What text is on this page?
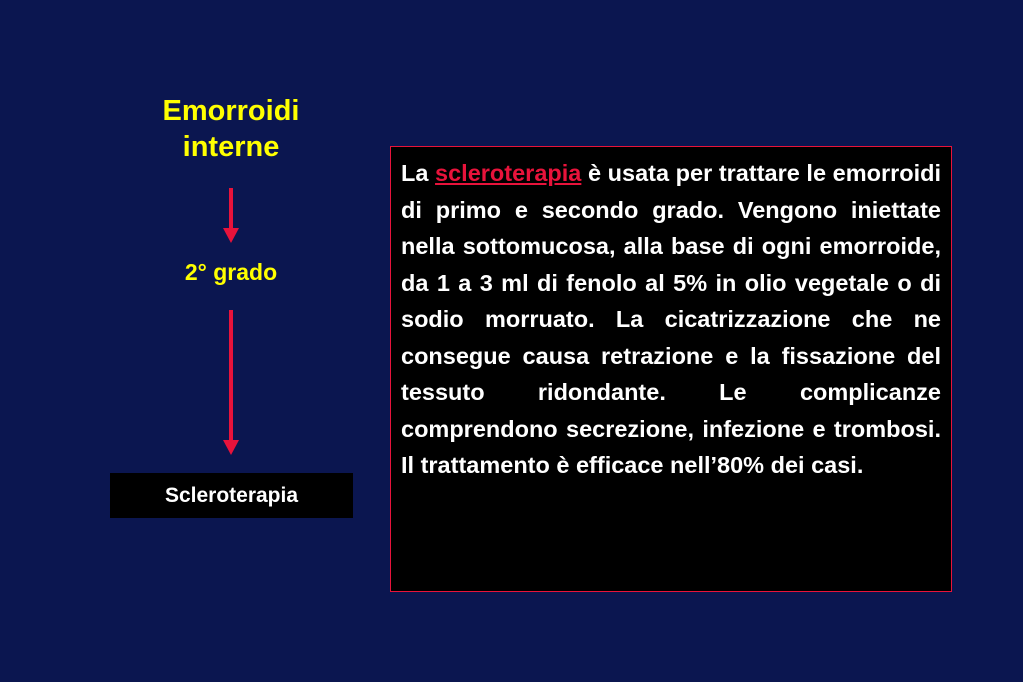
Emorroidi interne
2° grado
Scleroterapia

La scleroterapia è usata per trattare le emorroidi di primo e secondo grado. Vengono iniettate nella sottomucosa, alla base di ogni emorroide, da 1 a 3 ml di fenolo al 5% in olio vegetale o di sodio morruato. La cicatrizzazione che ne consegue causa retrazione e la fissazione del tessuto ridondante. Le complicanze comprendono secrezione, infezione e trombosi. Il trattamento è efficace nell’80% dei casi.
